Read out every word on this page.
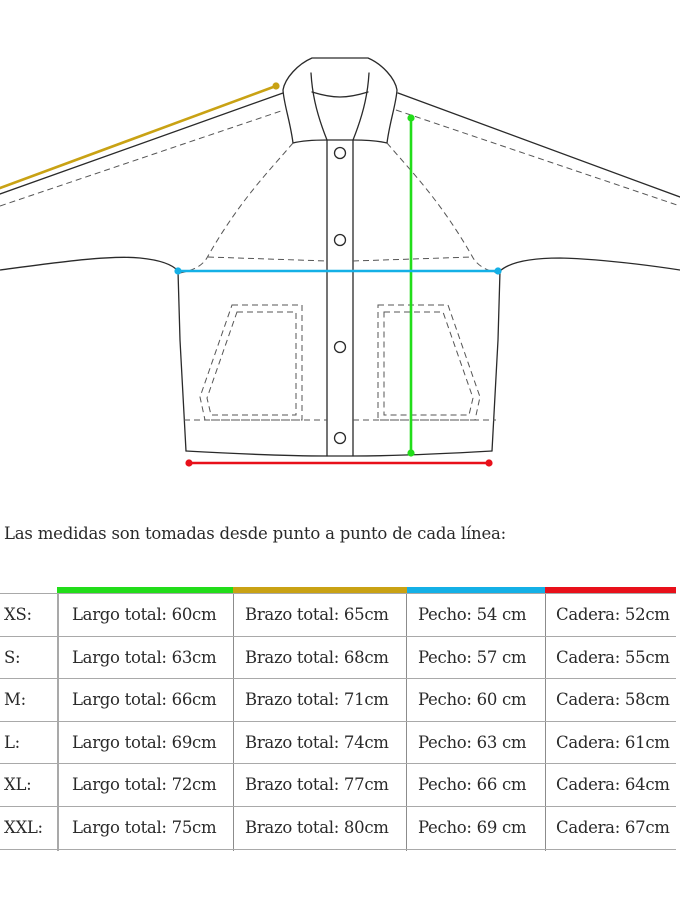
Las medidas son tomadas desde punto a punto de cada línea:
XS: Largo total: 60cm Brazo total: 65cm Pecho: 54 cm Cadera: 52cm
S:	Largo total: 63cm Brazo total: 68cm Pecho: 57 cm Cadera: 55cm
M:	Largo total: 66cm Brazo total: 71cm Pecho: 60 cm Cadera: 58cm
L:	Largo total: 69cm Brazo total: 74cm Pecho: 63 cm Cadera: 61cm
XL: Largo total: 72cm Brazo total: 77cm Pecho: 66 cm Cadera: 64cm
XXL: Largo total: 75cm Brazo total: 80cm Pecho: 69 cm Cadera: 67cm
